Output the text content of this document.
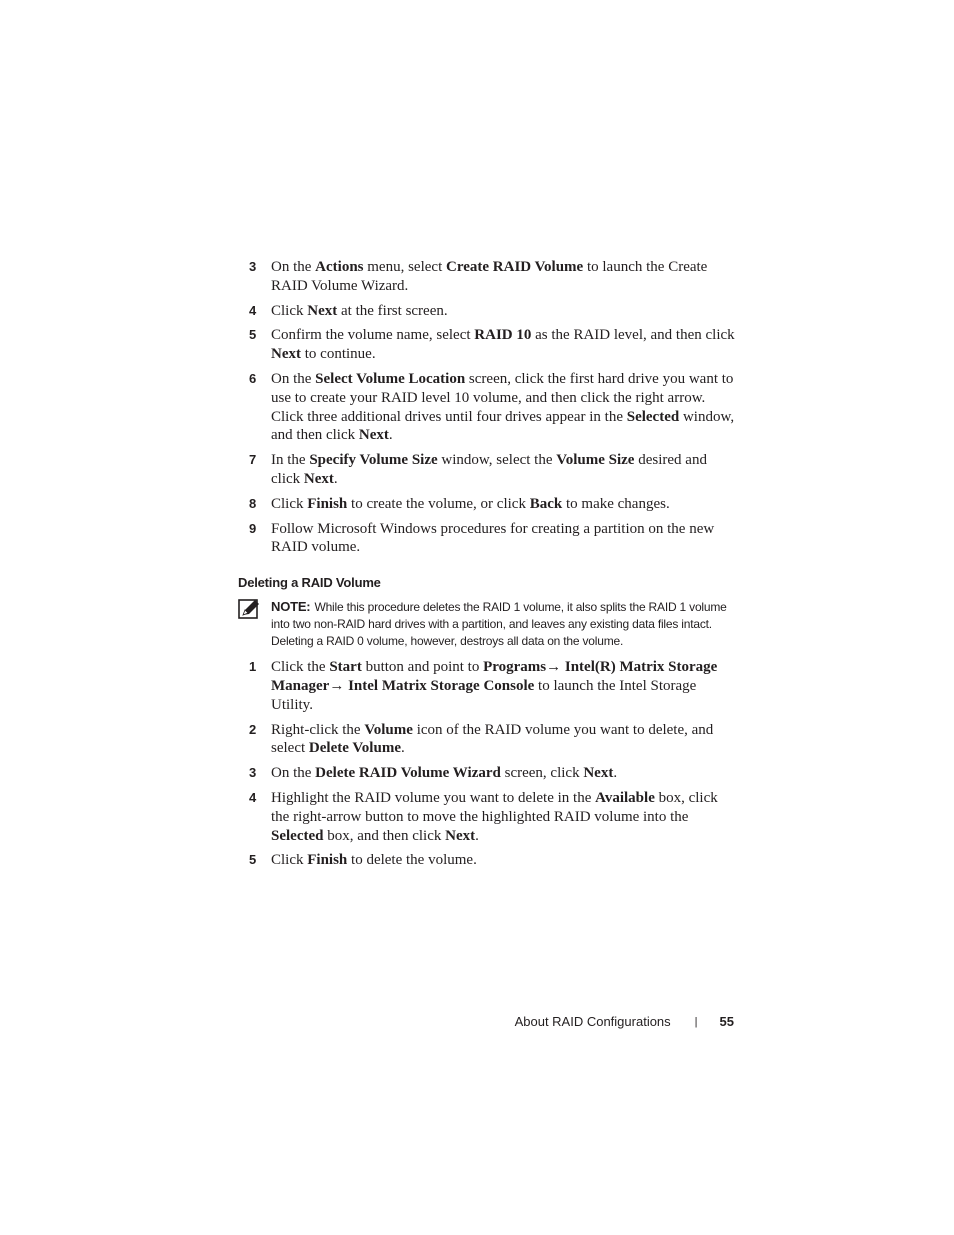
3 On the Actions menu, select Create RAID Volume to launch the Create RAID Volume Wizard.
4 Click Next at the first screen.
5 Confirm the volume name, select RAID 10 as the RAID level, and then click Next to continue.
6 On the Select Volume Location screen, click the first hard drive you want to use to create your RAID level 10 volume, and then click the right arrow. Click three additional drives until four drives appear in the Selected window, and then click Next.
7 In the Specify Volume Size window, select the Volume Size desired and click Next.
8 Click Finish to create the volume, or click Back to make changes.
9 Follow Microsoft Windows procedures for creating a partition on the new RAID volume.
Deleting a RAID Volume
NOTE: While this procedure deletes the RAID 1 volume, it also splits the RAID 1 volume into two non-RAID hard drives with a partition, and leaves any existing data files intact. Deleting a RAID 0 volume, however, destroys all data on the volume.
1 Click the Start button and point to Programs→ Intel(R) Matrix Storage Manager→ Intel Matrix Storage Console to launch the Intel Storage Utility.
2 Right-click the Volume icon of the RAID volume you want to delete, and select Delete Volume.
3 On the Delete RAID Volume Wizard screen, click Next.
4 Highlight the RAID volume you want to delete in the Available box, click the right-arrow button to move the highlighted RAID volume into the Selected box, and then click Next.
5 Click Finish to delete the volume.
About RAID Configurations | 55
